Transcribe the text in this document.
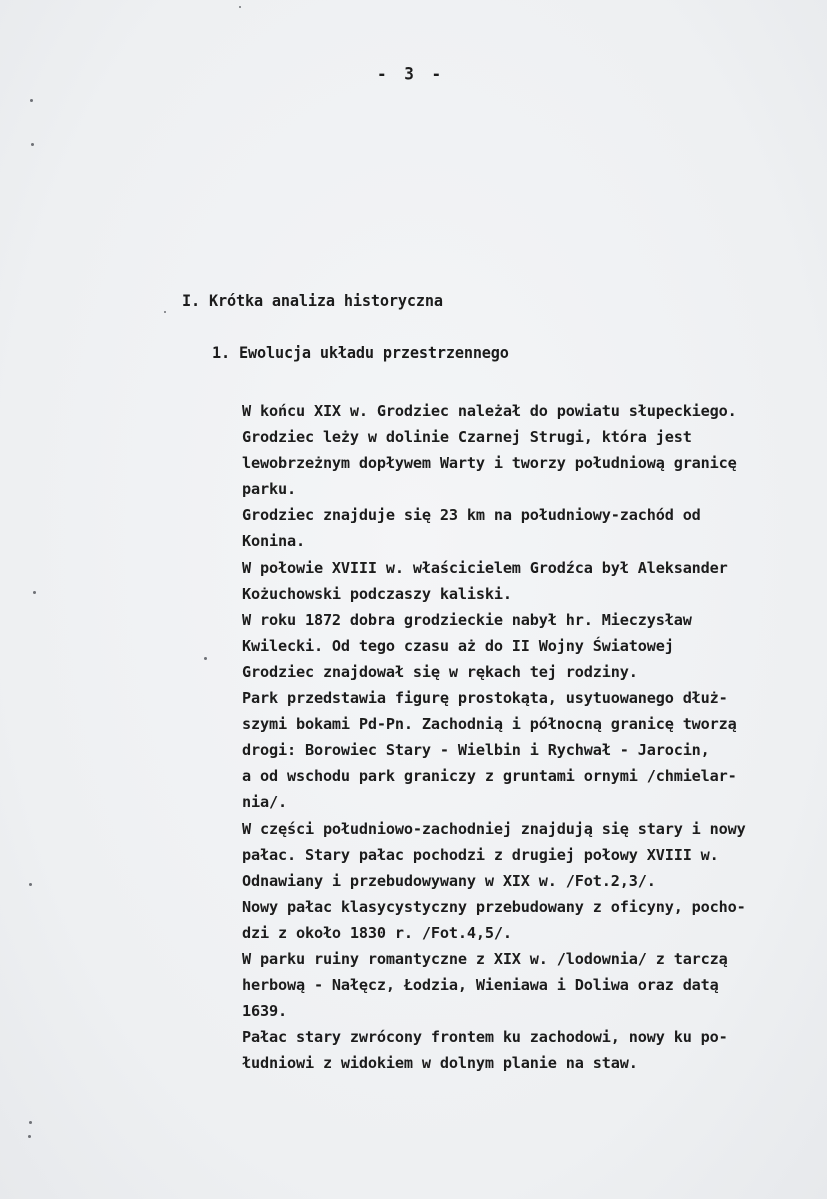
- 3 -
I. Krótka analiza historyczna
1. Ewolucja układu przestrzennego
W końcu XIX w. Grodziec należał do powiatu słupeckiego.
Grodziec leży w dolinie Czarnej Strugi, która jest
lewobrzeżnym dopływem Warty i tworzy południową granicę
parku.
Grodziec znajduje się 23 km na południowy-zachód od
Konina.
W połowie XVIII w. właścicielem Grodźca był Aleksander
Kożuchowski podczaszy kaliski.
W roku 1872 dobra grodzieckie nabył hr. Mieczysław
Kwilecki. Od tego czasu aż do II Wojny Światowej
Grodziec znajdował się w rękach tej rodziny.
Park przedstawia figurę prostokąta, usytuowanego dłuż-
szymi bokami Pd-Pn. Zachodnią i północną granicę tworzą
drogi: Borowiec Stary - Wielbin i Rychwał - Jarocin,
a od wschodu park graniczy z gruntami ornymi /chmielar-
nia/.
W części południowo-zachodniej znajdują się stary i nowy
pałac. Stary pałac pochodzi z drugiej połowy XVIII w.
Odnawiany i przebudowywany w XIX w. /Fot.2,3/.
Nowy pałac klasycystyczny przebudowany z oficyny, pocho-
dzi z około 1830 r. /Fot.4,5/.
W parku ruiny romantyczne z XIX w. /lodownia/ z tarczą
herbową - Nałęcz, Łodzia, Wieniawa i Doliwa oraz datą
1639.
Pałac stary zwrócony frontem ku zachodowi, nowy ku po-
łudniowi z widokiem w dolnym planie na staw.
